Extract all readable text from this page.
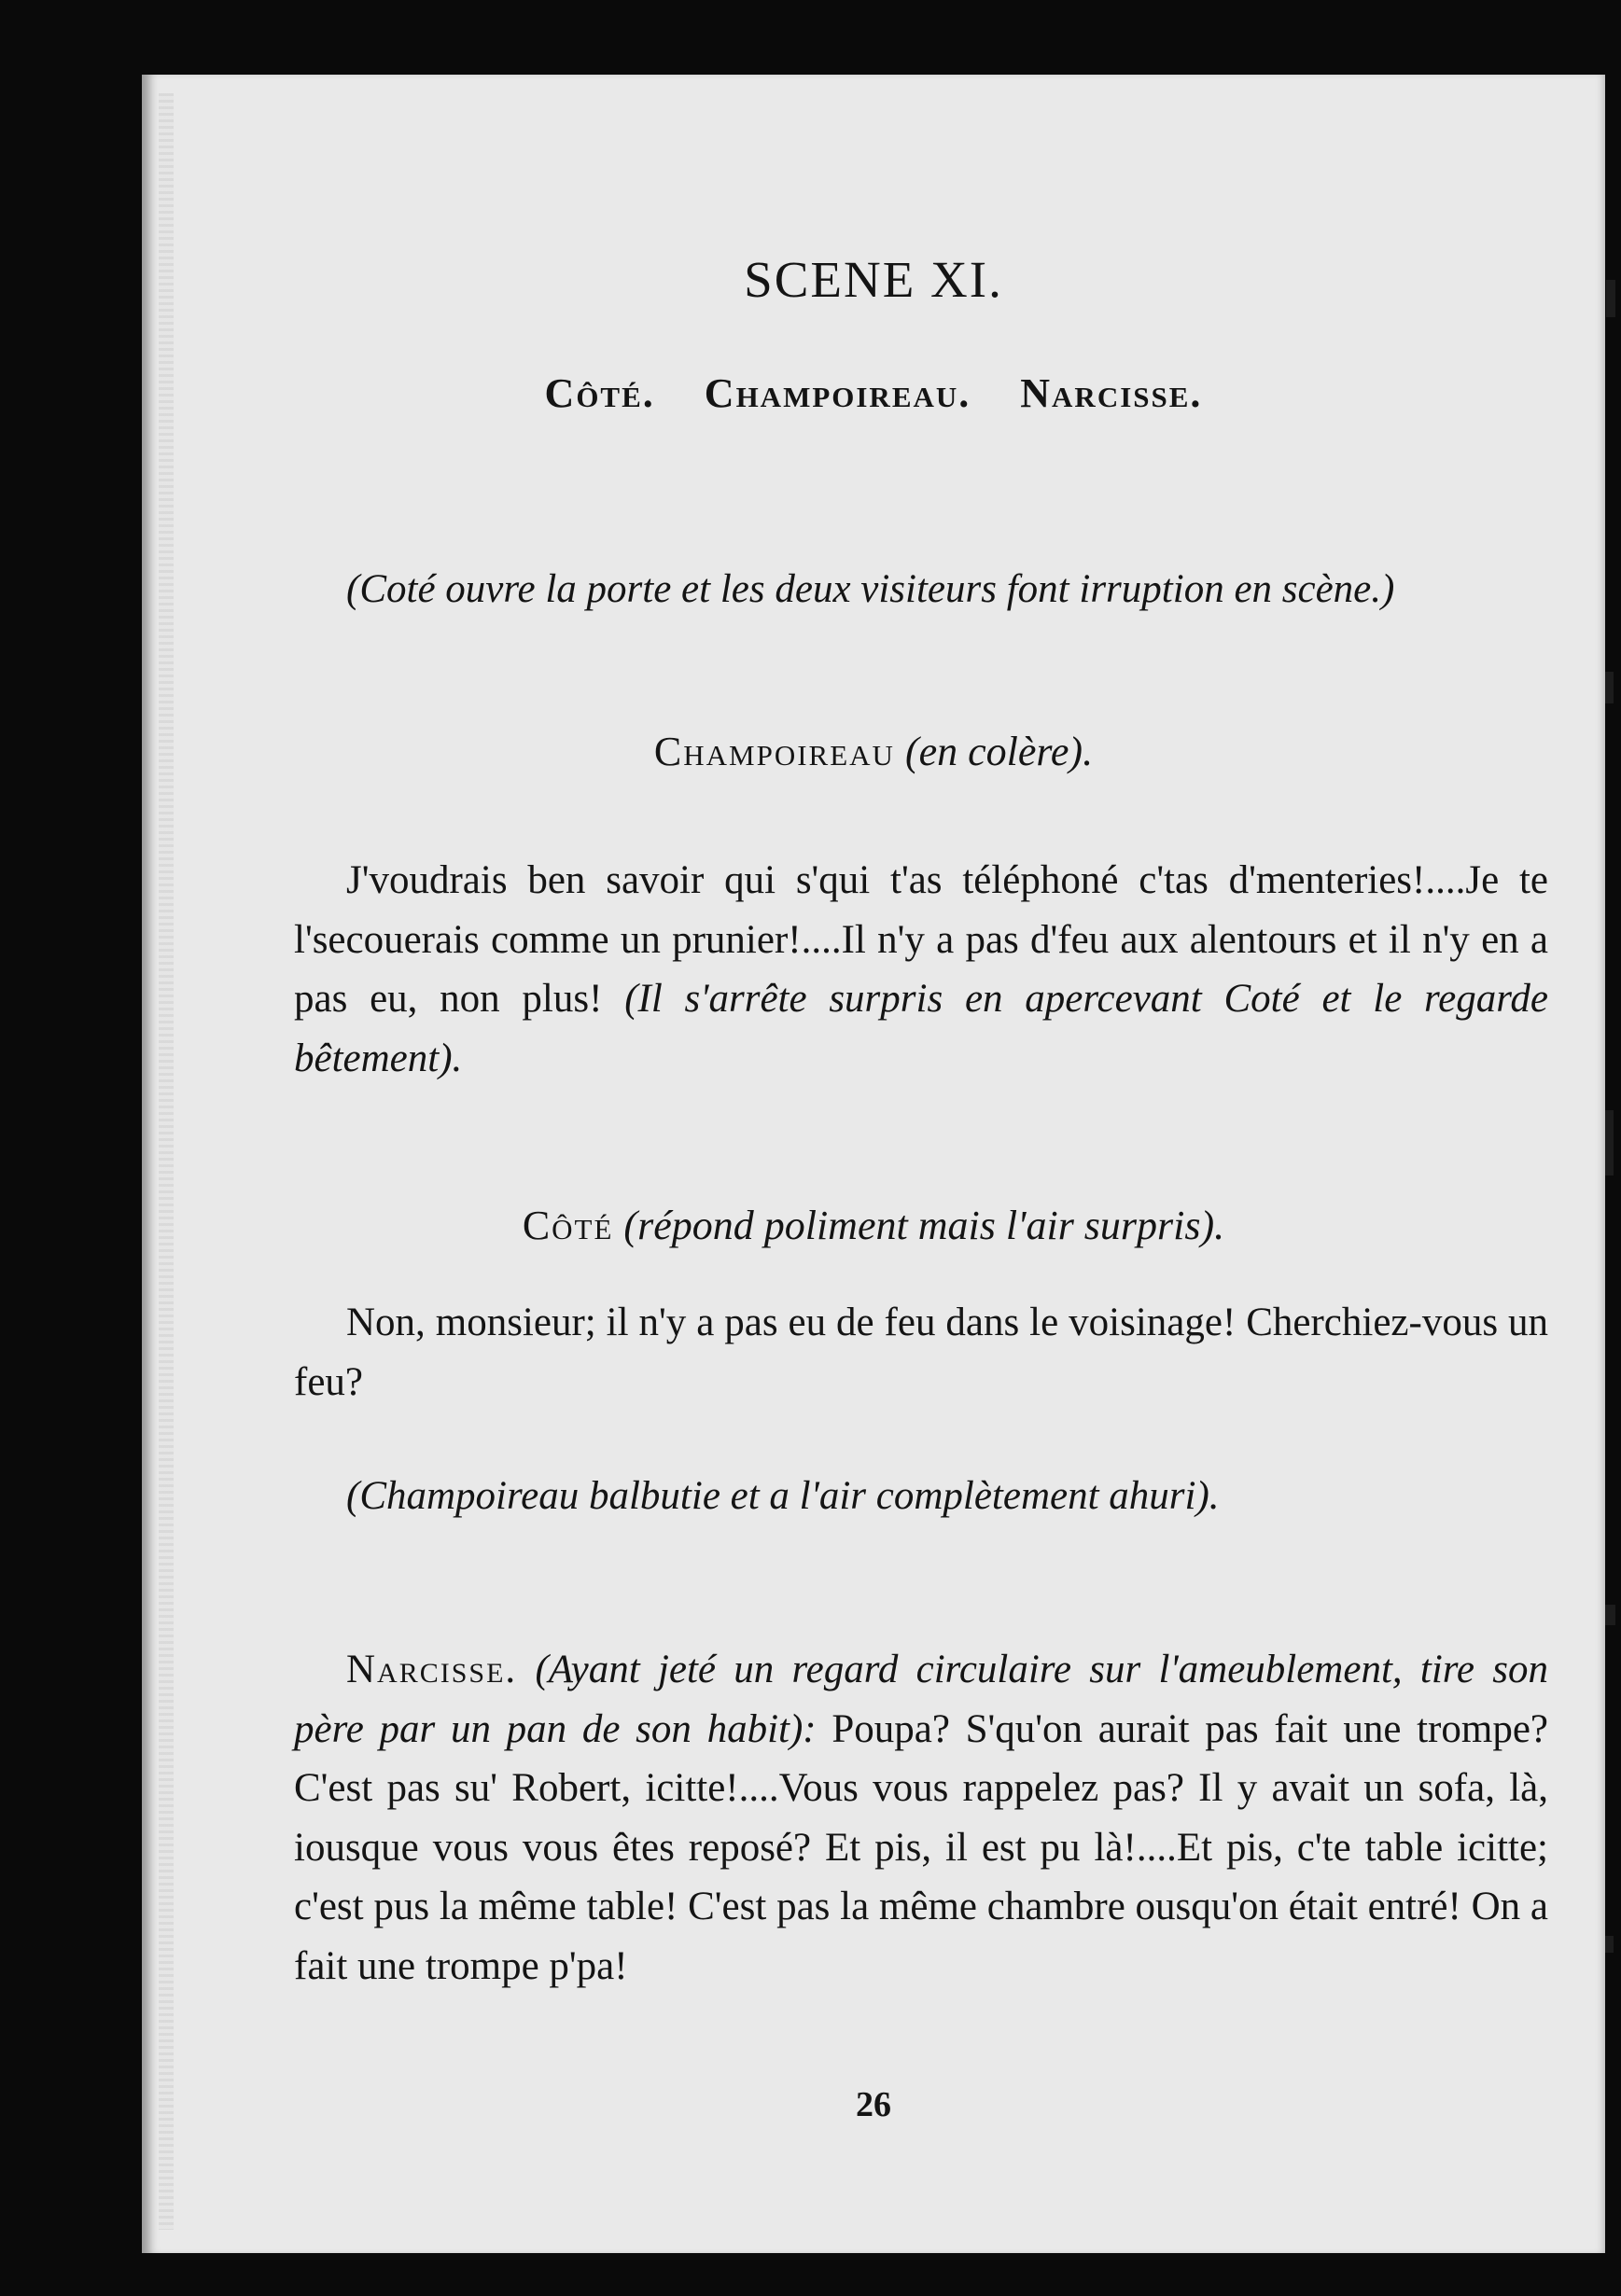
SCENE XI.
Côté. Champoireau. Narcisse.
(Coté ouvre la porte et les deux visiteurs font irruption en scène.)
Champoireau (en colère).
J'voudrais ben savoir qui s'qui t'as téléphoné c'tas d'menteries!....Je te l'secouerais comme un prunier!....Il n'y a pas d'feu aux alentours et il n'y en a pas eu, non plus! (Il s'arrête surpris en apercevant Coté et le regarde bêtement).
Côté (répond poliment mais l'air surpris).
Non, monsieur; il n'y a pas eu de feu dans le voisinage! Cherchiez-vous un feu?
(Champoireau balbutie et a l'air complètement ahuri).
Narcisse. (Ayant jeté un regard circulaire sur l'ameublement, tire son père par un pan de son habit): Poupa? S'qu'on aurait pas fait une trompe? C'est pas su' Robert, icitte!....Vous vous rappelez pas? Il y avait un sofa, là, iousque vous vous êtes reposé? Et pis, il est pu là!....Et pis, c'te table icitte; c'est pus la même table! C'est pas la même chambre ousqu'on était entré! On a fait une trompe p'pa!
26
